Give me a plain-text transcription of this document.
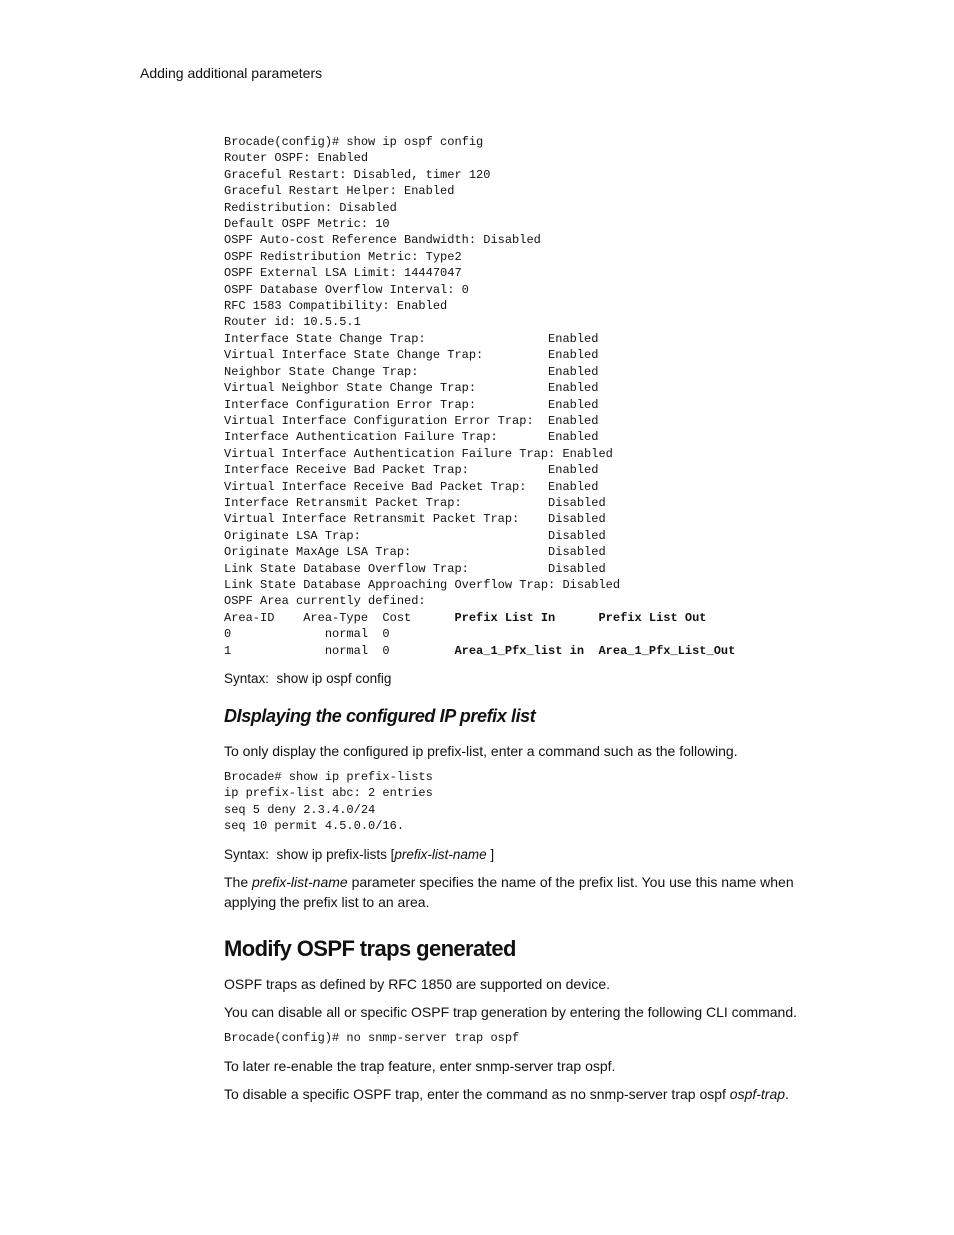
Adding additional parameters
Brocade(config)# show ip ospf config
Router OSPF: Enabled
Graceful Restart: Disabled, timer 120
Graceful Restart Helper: Enabled
Redistribution: Disabled
Default OSPF Metric: 10
OSPF Auto-cost Reference Bandwidth: Disabled
OSPF Redistribution Metric: Type2
OSPF External LSA Limit: 14447047
OSPF Database Overflow Interval: 0
RFC 1583 Compatibility: Enabled
Router id: 10.5.5.1
Interface State Change Trap:                 Enabled
Virtual Interface State Change Trap:         Enabled
Neighbor State Change Trap:                  Enabled
Virtual Neighbor State Change Trap:          Enabled
Interface Configuration Error Trap:          Enabled
Virtual Interface Configuration Error Trap:  Enabled
Interface Authentication Failure Trap:       Enabled
Virtual Interface Authentication Failure Trap: Enabled
Interface Receive Bad Packet Trap:           Enabled
Virtual Interface Receive Bad Packet Trap:   Enabled
Interface Retransmit Packet Trap:            Disabled
Virtual Interface Retransmit Packet Trap:    Disabled
Originate LSA Trap:                          Disabled
Originate MaxAge LSA Trap:                   Disabled
Link State Database Overflow Trap:           Disabled
Link State Database Approaching Overflow Trap: Disabled
OSPF Area currently defined:
Area-ID    Area-Type  Cost      Prefix List In	Prefix List Out
0             normal  0
1             normal  0         Area_1_Pfx_list in Area_1_Pfx_List_Out

Syntax: show ip ospf config

DIsplaying the configured IP prefix list

To only display the configured ip prefix-list, enter a command such as the following.

Brocade# show ip prefix-lists
ip prefix-list abc: 2 entries
seq 5 deny 2.3.4.0/24
seq 10 permit 4.5.0.0/16.

Syntax: show ip prefix-lists [prefix-list-name ]

The prefix-list-name parameter specifies the name of the prefix list. You use this name when applying the prefix list to an area.

Modify OSPF traps generated

OSPF traps as defined by RFC 1850 are supported on device.

You can disable all or specific OSPF trap generation by entering the following CLI command.

Brocade(config)# no snmp-server trap ospf

To later re-enable the trap feature, enter snmp-server trap ospf.

To disable a specific OSPF trap, enter the command as no snmp-server trap ospf ospf-trap.
